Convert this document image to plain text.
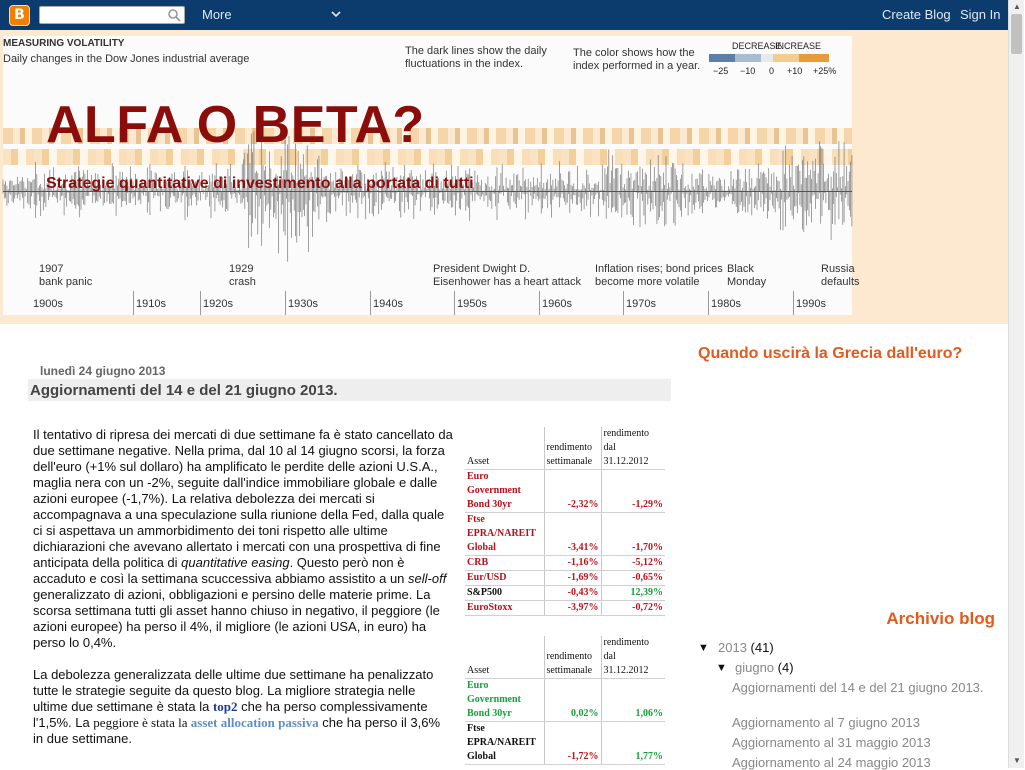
B	More	Create Blog Sign In
▲
▼
MEASURING VOLATILITY
Daily changes in the Dow Jones industrial average
The dark lines show the daily fluctuations in the index.
The color shows how the index performed in a year.
DECREASE
INCREASE
−25 −10 0 +10 +25%
1907
bank panic
1929
crash
President Dwight D.
Eisenhower has a heart attack
Inflation rises; bond prices
become more volatile
Black
Monday
Russia
defaults
1900s	1910s	1920s	1930s	1940s	1950s	1960s	1970s	1980s	1990s
ALFA O BETA?
Strategie quantitative di investimento alla portata di tutti
lunedì 24 giugno 2013
Aggiornamenti del 14 e del 21 giugno 2013.

Il tentativo di ripresa dei mercati di due settimane fa è stato cancellato da due settimane negative. Nella prima, dal 10 al 14 giugno scorsi, la forza dell'euro (+1% sul dollaro) ha amplificato le perdite delle azioni U.S.A., maglia nera con un -2%, seguite dall'indice immobiliare globale e dalle azioni europee (-1,7%). La relativa debolezza dei mercati si accompagnava a una speculazione sulla riunione della Fed, dalla quale ci si aspettava un ammorbidimento dei toni rispetto alle ultime dichiarazioni che avevano allertato i mercati con una prospettiva di fine anticipata della politica di quantitative easing. Questo però non è accaduto e così la settimana scuccessiva abbiamo assistito a un sell-off generalizzato di azioni, obbligazioni e persino delle materie prime. La scorsa settimana tutti gli asset hanno chiuso in negativo, il peggiore (le azioni europee) ha perso il 4%, il migliore (le azioni USA, in euro) ha perso lo 0,4%.

La debolezza generalizzata delle ultime due settimane ha penalizzato tutte le strategie seguite da questo blog. La migliore strategia nelle ultime due settimane è stata la top2 che ha perso complessivamente l'1,5%. La peggiore è stata la asset allocation passiva che ha perso il 3,6% in due settimane.

Asset	rendimento settimanale	rendimento dal 31.12.2012
Euro Government Bond 30yr	-2,32%	-1,29%
Ftse EPRA/NAREIT Global	-3,41%	-1,70%
CRB	-1,16%	-5,12%
Eur/USD	-1,69%	-0,65%
S&P500	-0,43%	12,39%
EuroStoxx	-3,97%	-0,72%
Asset	rendimento settimanale	rendimento dal 31.12.2012
Euro Government Bond 30yr	0,02%	1,06%
Ftse EPRA/NAREIT Global	-1,72%	1,77%
Quando uscirà la Grecia dall'euro?
Archivio blog
▼ 2013 (41)
▼ giugno (4)
Aggiornamenti del 14 e del 21 giugno 2013.
Aggiornamento al 7 giugno 2013
Aggiornamento al 31 maggio 2013
Aggiornamento al 24 maggio 2013
